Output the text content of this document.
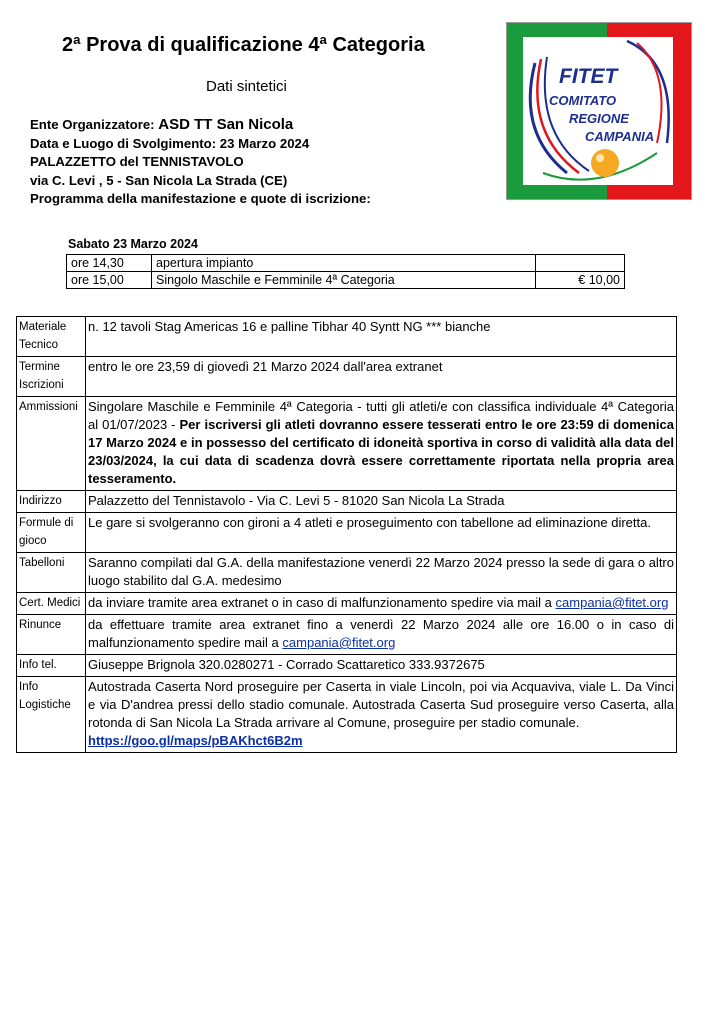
2ª Prova di qualificazione 4ª Categoria
Dati sintetici	FITET
COMITATO
REGIONE
CAMPANIA
Ente Organizzatore: ASD TT San Nicola
Data e Luogo di Svolgimento: 23 Marzo 2024
PALAZZETTO del TENNISTAVOLO
via C. Levi , 5 - San Nicola La Strada (CE)
Programma della manifestazione e quote di iscrizione:
Sabato 23 Marzo 2024
ore 14,30	apertura impianto	
ore 15,00	Singolo Maschile e Femminile 4ª Categoria	€ 10,00
Materiale Tecnico	n. 12 tavoli Stag Americas 16 e palline Tibhar 40 Syntt NG *** bianche
Termine Iscrizioni	entro le ore 23,59 di giovedì 21 Marzo 2024 dall'area extranet
Ammissioni	Singolare Maschile e Femminile 4ª Categoria - tutti gli atleti/e con classifica individuale 4ª Categoria al 01/07/2023 - Per iscriversi gli atleti dovranno essere tesserati entro le ore 23:59 di domenica 17 Marzo 2024 e in possesso del certificato di idoneità sportiva in corso di validità alla data del 23/03/2024, la cui data di scadenza dovrà essere correttamente riportata nella propria area tesseramento.
Indirizzo	Palazzetto del Tennistavolo - Via C. Levi 5 - 81020 San Nicola La Strada
Formule di gioco	Le gare si svolgeranno con gironi a 4 atleti e proseguimento con tabellone ad eliminazione diretta.
Tabelloni	Saranno compilati dal G.A. della manifestazione venerdì 22 Marzo 2024 presso la sede di gara o altro luogo stabilito dal G.A. medesimo
Cert. Medici	da inviare tramite area extranet o in caso di malfunzionamento spedire via mail a campania@fitet.org
Rinunce	da effettuare tramite area extranet fino a venerdì 22 Marzo 2024 alle ore 16.00 o in caso di malfunzionamento spedire mail a campania@fitet.org
Info tel.	Giuseppe Brignola 320.0280271 - Corrado Scattaretico 333.9372675
Info Logistiche	Autostrada Caserta Nord proseguire per Caserta in viale Lincoln, poi via Acquaviva, viale L. Da Vinci e via D'andrea pressi dello stadio comunale. Autostrada Caserta Sud proseguire verso Caserta, alla rotonda di San Nicola La Strada arrivare al Comune, proseguire per stadio comunale.
https://goo.gl/maps/pBAKhct6B2m
